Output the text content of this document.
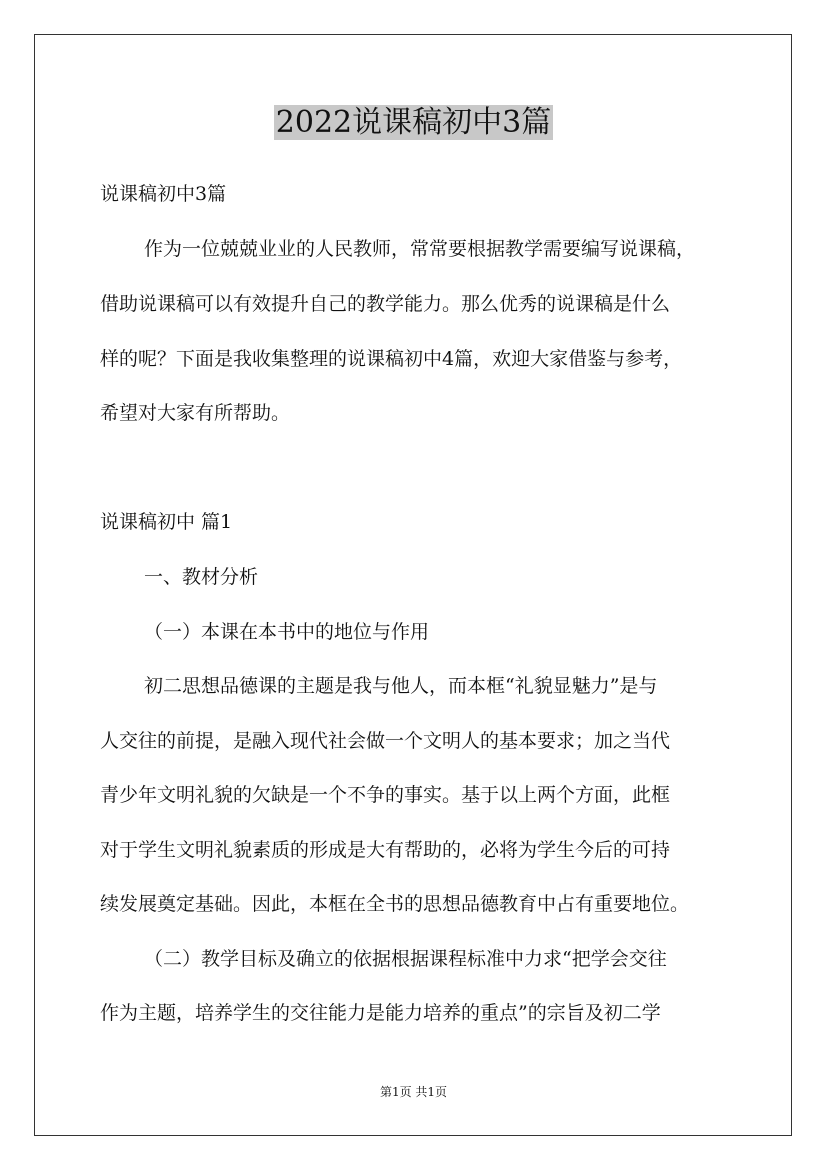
2022说课稿初中3篇

说课稿初中3篇

作为一位兢兢业业的人民教师，常常要根据教学需要编写说课稿，

借助说课稿可以有效提升自己的教学能力。那么优秀的说课稿是什么

样的呢？下面是我收集整理的说课稿初中4篇，欢迎大家借鉴与参考，

希望对大家有所帮助。

说课稿初中 篇1

一、教材分析

（一）本课在本书中的地位与作用

初二思想品德课的主题是我与他人，而本框“礼貌显魅力”是与

人交往的前提，是融入现代社会做一个文明人的基本要求；加之当代

青少年文明礼貌的欠缺是一个不争的事实。基于以上两个方面，此框

对于学生文明礼貌素质的形成是大有帮助的，必将为学生今后的可持

续发展奠定基础。因此，本框在全书的思想品德教育中占有重要地位。

（二）教学目标及确立的依据根据课程标准中力求“把学会交往

作为主题，培养学生的交往能力是能力培养的重点”的宗旨及初二学

第1页 共1页
